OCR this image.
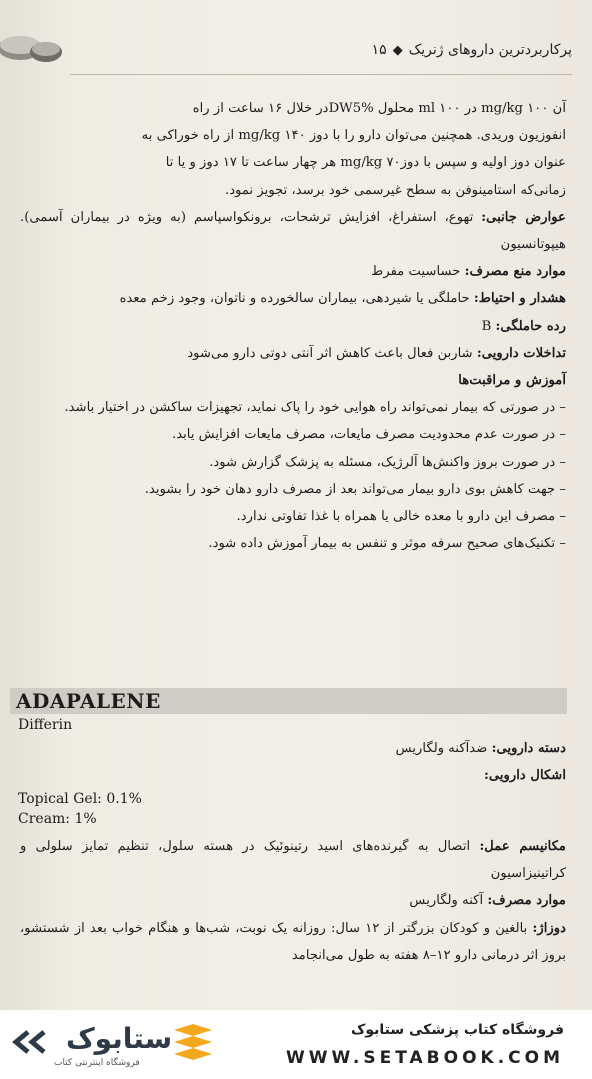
پرکاربردترین داروهای ژنریک◆۱۵

آن ۱۰۰ mg/kg در ۱۰۰ ml محلول DW5%در خلال ۱۶ ساعت از راه

انفوزیون وریدی. همچنین می‌توان دارو را با دوز ۱۴۰ mg/kg از راه خوراکی به

عنوان دوز اولیه و سپس با دوز۷۰ mg/kg هر چهار ساعت تا ۱۷ دوز و یا تا

زمانی‌که استامینوفن به سطح غیرسمی خود برسد، تجویز نمود.

عوارض جانبی: تهوع، استفراغ، افزایش ترشحات، برونکواسپاسم (به ویژه در بیماران آسمی). هیپوتانسیون

موارد منع مصرف: حساسیت مفرط

هشدار و احتیاط: حاملگی یا شیردهی، بیماران سالخورده و ناتوان، وجود زخم معده

رده حاملگی: B

تداخلات دارویی: شاربن فعال باعث کاهش اثر آنتی دوتی دارو می‌شود

آموزش و مراقبت‌ها

– در صورتی که بیمار نمی‌تواند راه هوایی خود را پاک نماید، تجهیزات ساکشن در اختیار باشد.

– در صورت عدم محدودیت مصرف مایعات، مصرف مایعات افزایش یابد.

– در صورت بروز واکنش‌ها آلرژیک، مسئله به پزشک گزارش شود.

– جهت کاهش بوی دارو بیمار می‌تواند بعد از مصرف دارو دهان خود را بشوید.

– مصرف این دارو با معده خالی یا همراه با غذا تفاوتی ندارد.

– تکنیک‌های صحیح سرفه موثر و تنفس به بیمار آموزش داده شود.

ADAPALENE
Differin

دسته دارویی: ضدآکنه ولگاریس

اشکال دارویی:

Topical Gel: 0.1%
Cream: 1%

مکانیسم عمل: اتصال به گیرنده‌های اسید رتینوئیک در هسته سلول، تنظیم تمایز سلولی و کراتینیزاسیون

موارد مصرف: آکنه ولگاریس

دوزاژ: بالغین و کودکان بزرگتر از ۱۲ سال: روزانه یک نوبت، شب‌ها و هنگام خواب بعد از شستشو، بروز اثر درمانی دارو ۱۲–۸ هفته به طول می‌انجامد

ستابوک
فروشگاه اینترنتی کتاب
فروشگاه کتاب پزشکی ستابوک
WWW.SETABOOK.COM
